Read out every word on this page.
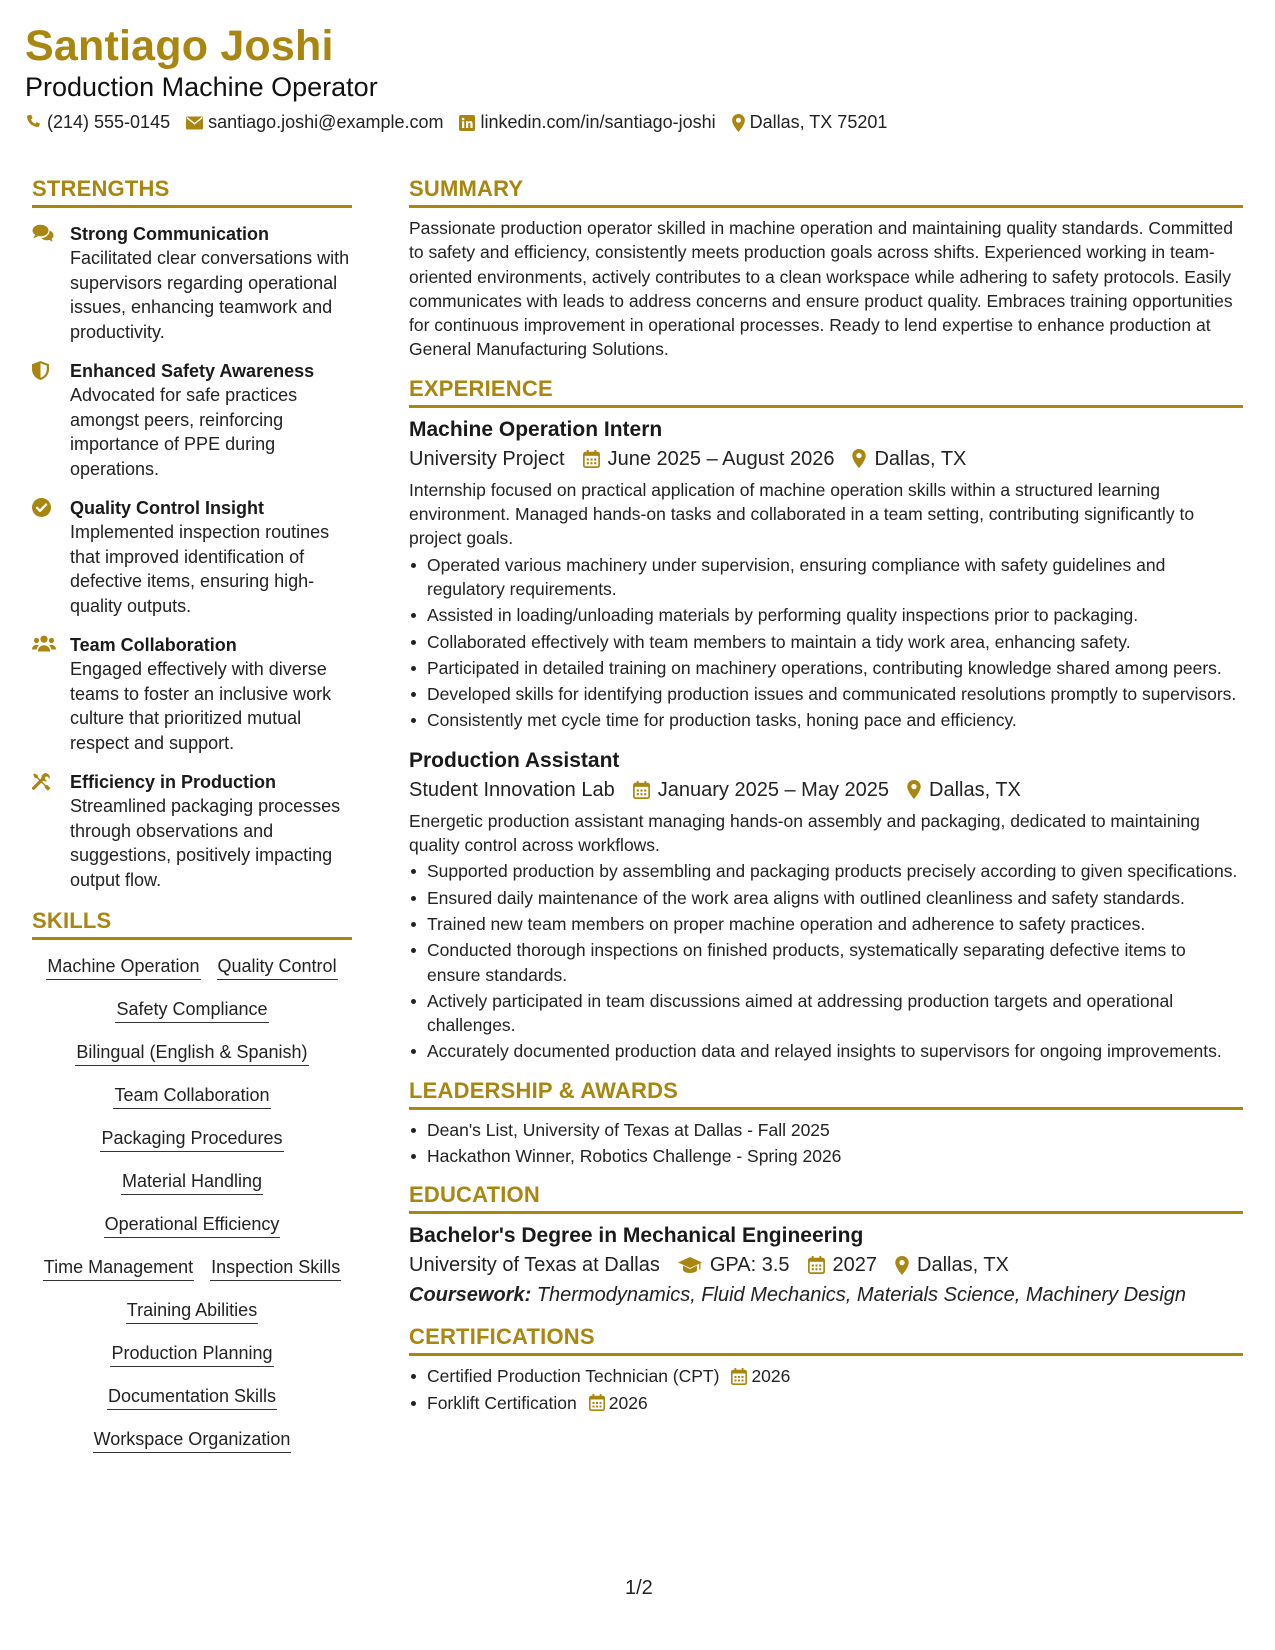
Santiago Joshi
Production Machine Operator
(214) 555-0145 santiago.joshi@example.com linkedin.com/in/santiago-joshi Dallas, TX 75201
STRENGTHS
Strong Communication
Facilitated clear conversations with supervisors regarding operational issues, enhancing teamwork and productivity.
Enhanced Safety Awareness
Advocated for safe practices amongst peers, reinforcing importance of PPE during operations.
Quality Control Insight
Implemented inspection routines that improved identification of defective items, ensuring high-quality outputs.
Team Collaboration
Engaged effectively with diverse teams to foster an inclusive work culture that prioritized mutual respect and support.
Efficiency in Production
Streamlined packaging processes through observations and suggestions, positively impacting output flow.
SKILLS
Machine Operation Quality Control
Safety Compliance
Bilingual (English & Spanish)
Team Collaboration
Packaging Procedures
Material Handling
Operational Efficiency
Time Management Inspection Skills
Training Abilities
Production Planning
Documentation Skills
Workspace Organization
SUMMARY
Passionate production operator skilled in machine operation and maintaining quality standards. Committed to safety and efficiency, consistently meets production goals across shifts. Experienced working in team-oriented environments, actively contributes to a clean workspace while adhering to safety protocols. Easily communicates with leads to address concerns and ensure product quality. Embraces training opportunities for continuous improvement in operational processes. Ready to lend expertise to enhance production at General Manufacturing Solutions.
EXPERIENCE
Machine Operation Intern
University Project June 2025 – August 2026 Dallas, TX
Internship focused on practical application of machine operation skills within a structured learning environment. Managed hands-on tasks and collaborated in a team setting, contributing significantly to project goals.
Operated various machinery under supervision, ensuring compliance with safety guidelines and regulatory requirements.
Assisted in loading/unloading materials by performing quality inspections prior to packaging.
Collaborated effectively with team members to maintain a tidy work area, enhancing safety.
Participated in detailed training on machinery operations, contributing knowledge shared among peers.
Developed skills for identifying production issues and communicated resolutions promptly to supervisors.
Consistently met cycle time for production tasks, honing pace and efficiency.
Production Assistant
Student Innovation Lab January 2025 – May 2025 Dallas, TX
Energetic production assistant managing hands-on assembly and packaging, dedicated to maintaining quality control across workflows.
Supported production by assembling and packaging products precisely according to given specifications.
Ensured daily maintenance of the work area aligns with outlined cleanliness and safety standards.
Trained new team members on proper machine operation and adherence to safety practices.
Conducted thorough inspections on finished products, systematically separating defective items to ensure standards.
Actively participated in team discussions aimed at addressing production targets and operational challenges.
Accurately documented production data and relayed insights to supervisors for ongoing improvements.
LEADERSHIP & AWARDS
Dean's List, University of Texas at Dallas - Fall 2025
Hackathon Winner, Robotics Challenge - Spring 2026
EDUCATION
Bachelor's Degree in Mechanical Engineering
University of Texas at Dallas	GPA: 3.5 2027 Dallas, TX
Coursework: Thermodynamics, Fluid Mechanics, Materials Science, Machinery Design
CERTIFICATIONS
Certified Production Technician (CPT) 2026
Forklift Certification 2026
1/2
